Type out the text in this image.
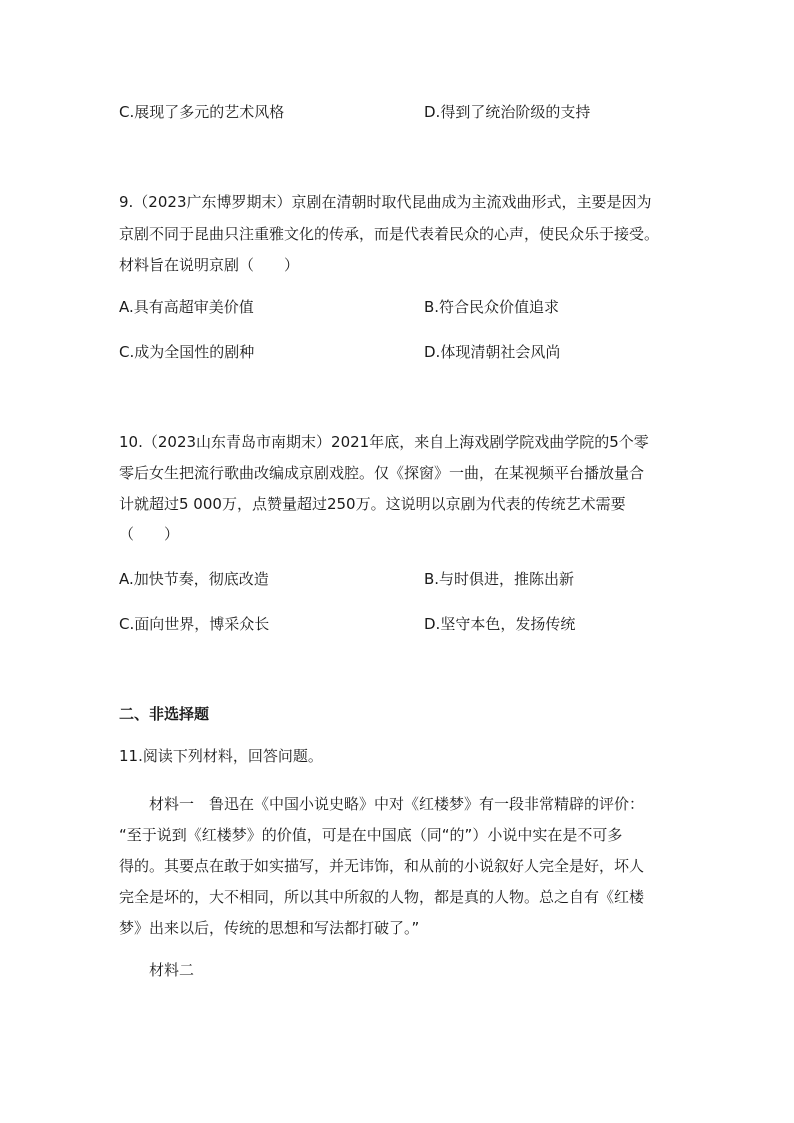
C.展现了多元的艺术风格	D.得到了统治阶级的支持
9.（2023广东博罗期末）京剧在清朝时取代昆曲成为主流戏曲形式，主要是因为
京剧不同于昆曲只注重雅文化的传承，而是代表着民众的心声，使民众乐于接受。
材料旨在说明京剧（　　）
A.具有高超审美价值	B.符合民众价值追求
C.成为全国性的剧种	D.体现清朝社会风尚
10.（2023山东青岛市南期末）2021年底，来自上海戏剧学院戏曲学院的5个零
零后女生把流行歌曲改编成京剧戏腔。仅《探窗》一曲，在某视频平台播放量合
计就超过5 000万，点赞量超过250万。这说明以京剧为代表的传统艺术需要
（　　）
A.加快节奏，彻底改造	B.与时俱进，推陈出新
C.面向世界，博采众长	D.坚守本色，发扬传统
二、非选择题
11.阅读下列材料，回答问题。
材料一　鲁迅在《中国小说史略》中对《红楼梦》有一段非常精辟的评价：
“至于说到《红楼梦》的价值，可是在中国底（同“的”）小说中实在是不可多
得的。其要点在敢于如实描写，并无讳饰，和从前的小说叙好人完全是好，坏人
完全是坏的，大不相同，所以其中所叙的人物，都是真的人物。总之自有《红楼
梦》出来以后，传统的思想和写法都打破了。”
材料二
